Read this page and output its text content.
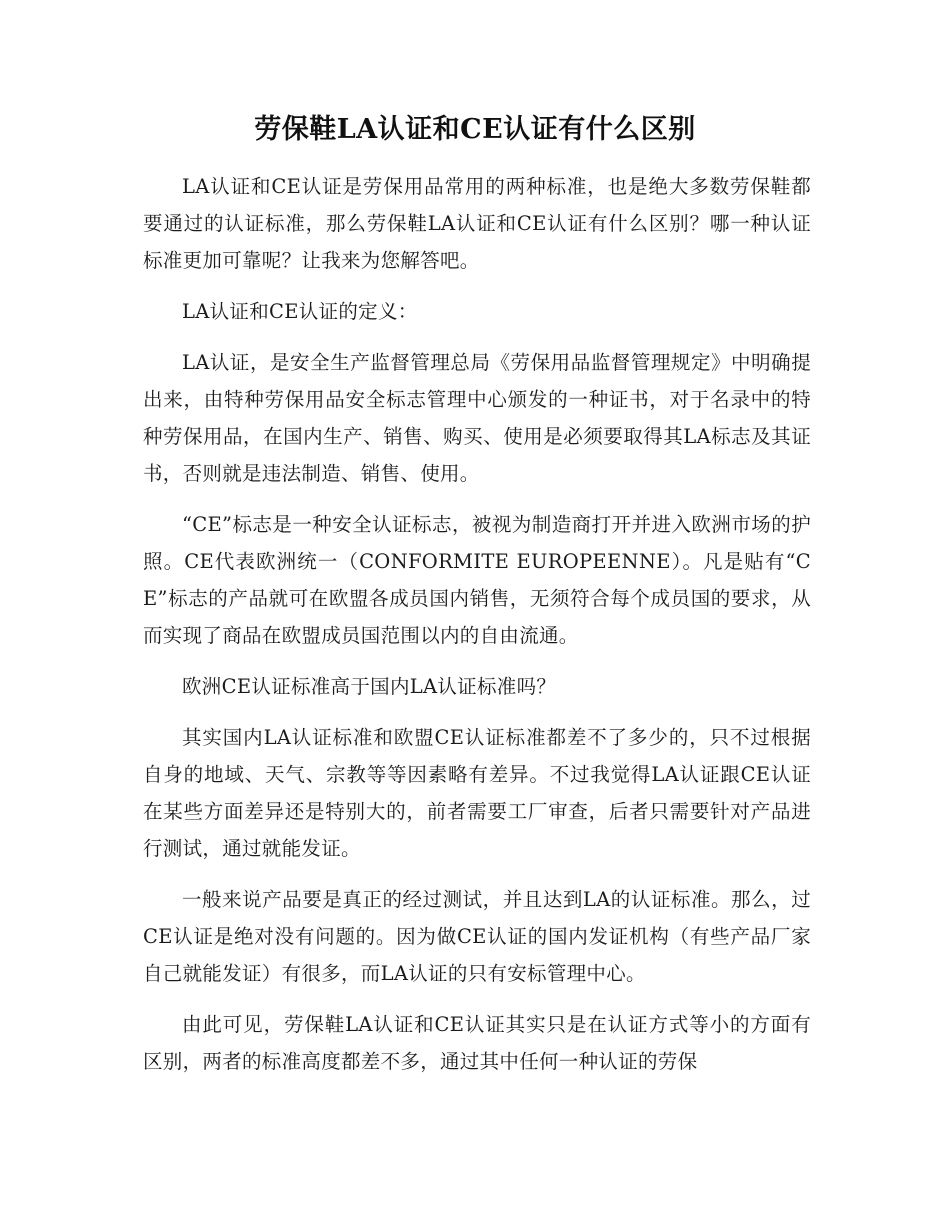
劳保鞋LA认证和CE认证有什么区别

LA认证和CE认证是劳保用品常用的两种标准，也是绝大多数劳保鞋都要通过的认证标准，那么劳保鞋LA认证和CE认证有什么区别？哪一种认证标准更加可靠呢？让我来为您解答吧。

LA认证和CE认证的定义：

LA认证，是安全生产监督管理总局《劳保用品监督管理规定》中明确提出来，由特种劳保用品安全标志管理中心颁发的一种证书，对于名录中的特种劳保用品，在国内生产、销售、购买、使用是必须要取得其LA标志及其证书，否则就是违法制造、销售、使用。

“CE”标志是一种安全认证标志，被视为制造商打开并进入欧洲市场的护照。CE代表欧洲统一（CONFORMITE EUROPEENNE）。凡是贴有“CE”标志的产品就可在欧盟各成员国内销售，无须符合每个成员国的要求，从而实现了商品在欧盟成员国范围以内的自由流通。

欧洲CE认证标准高于国内LA认证标准吗？

其实国内LA认证标准和欧盟CE认证标准都差不了多少的，只不过根据自身的地域、天气、宗教等等因素略有差异。不过我觉得LA认证跟CE认证在某些方面差异还是特别大的，前者需要工厂审查，后者只需要针对产品进行测试，通过就能发证。

一般来说产品要是真正的经过测试，并且达到LA的认证标准。那么，过CE认证是绝对没有问题的。因为做CE认证的国内发证机构（有些产品厂家自己就能发证）有很多，而LA认证的只有安标管理中心。

由此可见，劳保鞋LA认证和CE认证其实只是在认证方式等小的方面有区别，两者的标准高度都差不多，通过其中任何一种认证的劳保
